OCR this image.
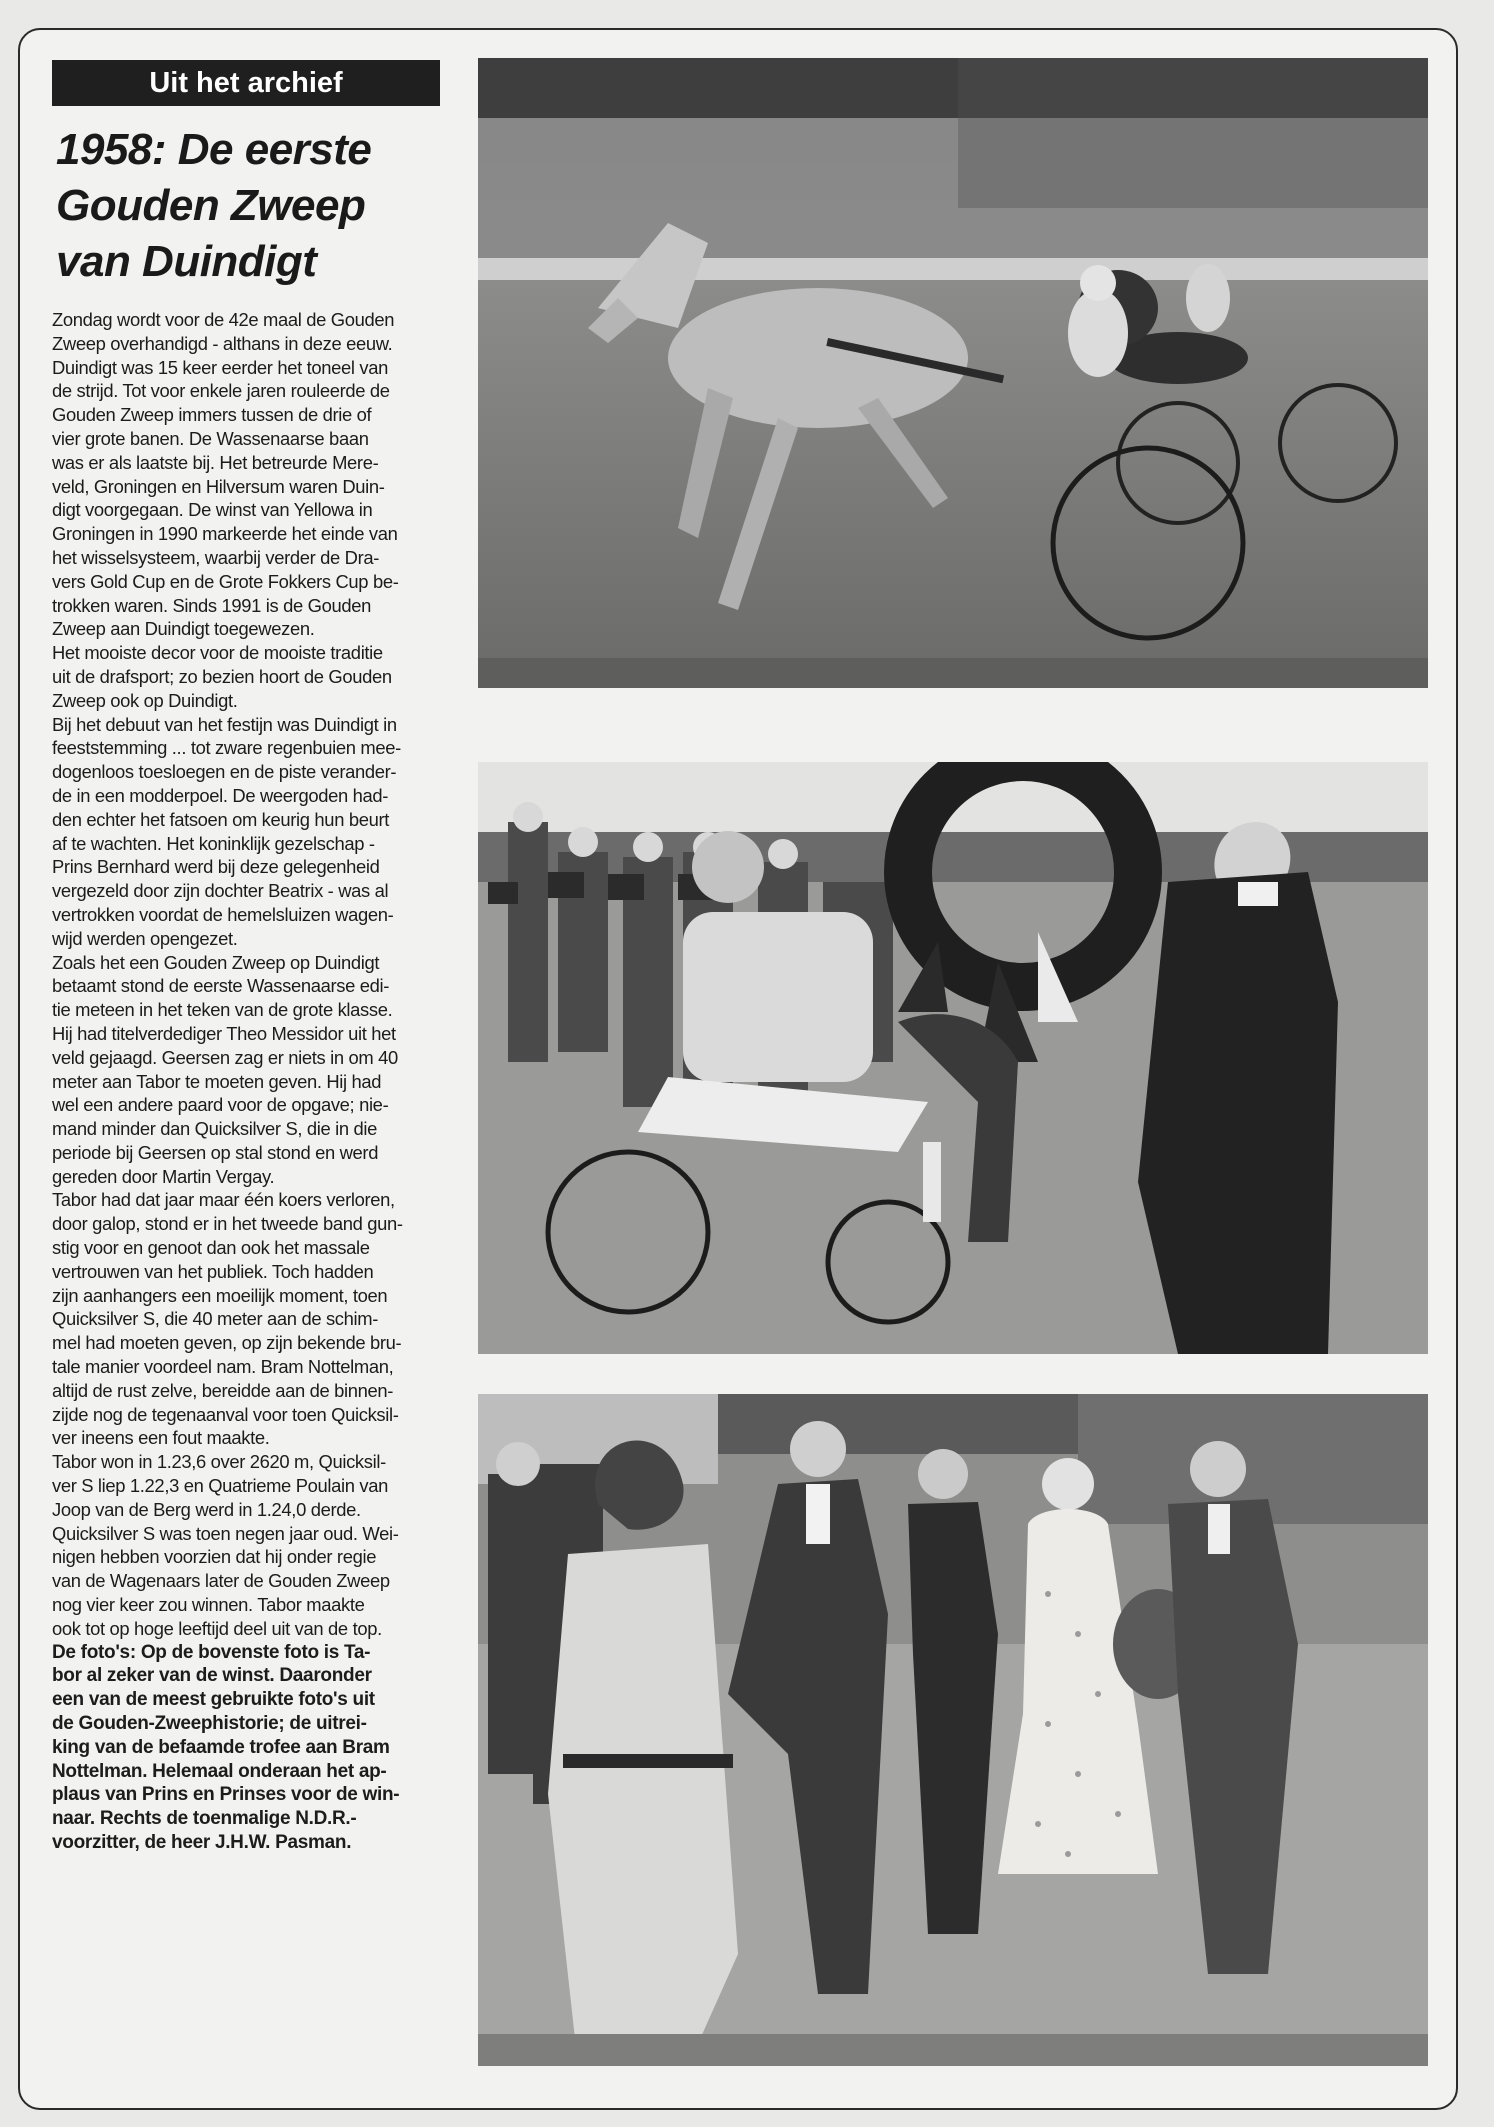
Uit het archief
1958: De eerste
Gouden Zweep
van Duindigt
Zondag wordt voor de 42e maal de Gouden
Zweep overhandigd - althans in deze eeuw.
Duindigt was 15 keer eerder het toneel van
de strijd. Tot voor enkele jaren rouleerde de
Gouden Zweep immers tussen de drie of
vier grote banen. De Wassenaarse baan
was er als laatste bij. Het betreurde Mere-
veld, Groningen en Hilversum waren Duin-
digt voorgegaan. De winst van Yellowa in
Groningen in 1990 markeerde het einde van
het wisselsysteem, waarbij verder de Dra-
vers Gold Cup en de Grote Fokkers Cup be-
trokken waren. Sinds 1991 is de Gouden
Zweep aan Duindigt toegewezen.
Het mooiste decor voor de mooiste traditie
uit de drafsport; zo bezien hoort de Gouden
Zweep ook op Duindigt.
Bij het debuut van het festijn was Duindigt in
feeststemming ... tot zware regenbuien mee-
dogenloos toesloegen en de piste verander-
de in een modderpoel. De weergoden had-
den echter het fatsoen om keurig hun beurt
af te wachten. Het koninklijk gezelschap -
Prins Bernhard werd bij deze gelegenheid
vergezeld door zijn dochter Beatrix - was al
vertrokken voordat de hemelsluizen wagen-
wijd werden opengezet.
Zoals het een Gouden Zweep op Duindigt
betaamt stond de eerste Wassenaarse edi-
tie meteen in het teken van de grote klasse.
Hij had titelverdediger Theo Messidor uit het
veld gejaagd. Geersen zag er niets in om 40
meter aan Tabor te moeten geven. Hij had
wel een andere paard voor de opgave; nie-
mand minder dan Quicksilver S, die in die
periode bij Geersen op stal stond en werd
gereden door Martin Vergay.
Tabor had dat jaar maar één koers verloren,
door galop, stond er in het tweede band gun-
stig voor en genoot dan ook het massale
vertrouwen van het publiek. Toch hadden
zijn aanhangers een moeilijk moment, toen
Quicksilver S, die 40 meter aan de schim-
mel had moeten geven, op zijn bekende bru-
tale manier voordeel nam. Bram Nottelman,
altijd de rust zelve, bereidde aan de binnen-
zijde nog de tegenaanval voor toen Quicksil-
ver ineens een fout maakte.
Tabor won in 1.23,6 over 2620 m, Quicksil-
ver S liep 1.22,3 en Quatrieme Poulain van
Joop van de Berg werd in 1.24,0 derde.
Quicksilver S was toen negen jaar oud. Wei-
nigen hebben voorzien dat hij onder regie
van de Wagenaars later de Gouden Zweep
nog vier keer zou winnen. Tabor maakte
ook tot op hoge leeftijd deel uit van de top.
De foto's: Op de bovenste foto is Ta-
bor al zeker van de winst. Daaronder
een van de meest gebruikte foto's uit
de Gouden-Zweephistorie; de uitrei-
king van de befaamde trofee aan Bram
Nottelman. Helemaal onderaan het ap-
plaus van Prins en Prinses voor de win-
naar. Rechts de toenmalige N.D.R.-
voorzitter, de heer J.H.W. Pasman.
